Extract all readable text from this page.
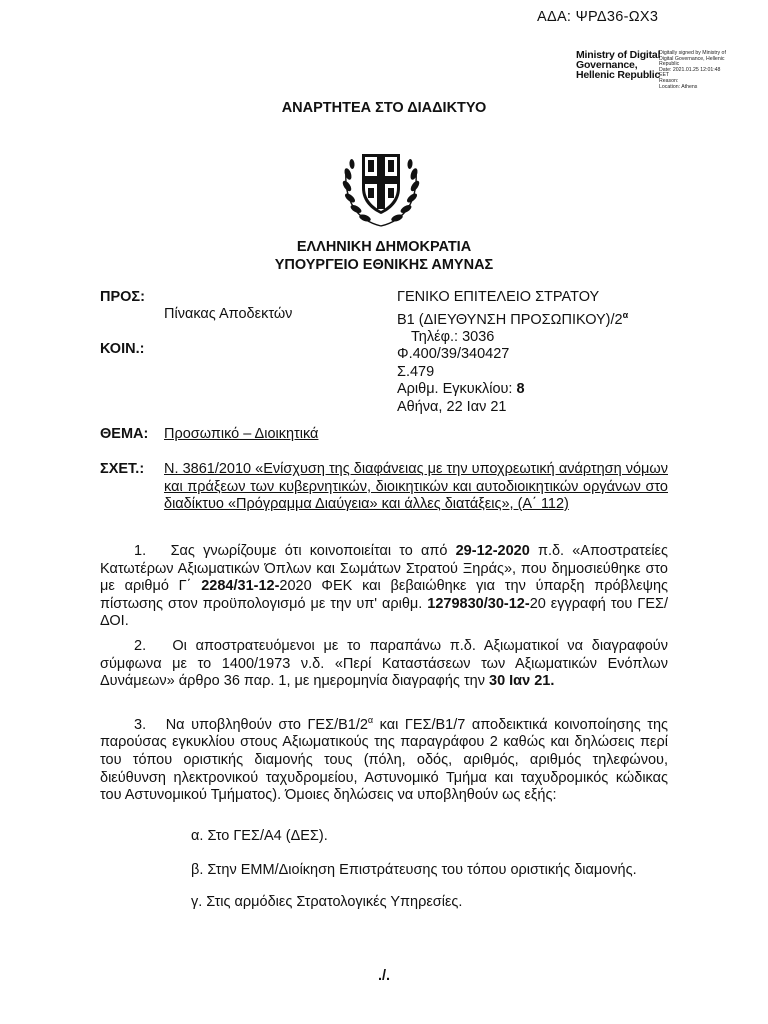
ΑΔΑ: ΨΡΔ36-ΩΧ3
Ministry of Digital
Governance,
Hellenic Republic
Digitally signed by Ministry of
Digital Governance, Hellenic
Republic
Date: 2021.01.25 12:01:48
EET
Reason:
Location: Athens
ΑΝΑΡΤΗΤΕΑ ΣΤΟ ΔΙΑΔΙΚΤΥΟ
ΕΛΛΗΝΙΚΗ ΔΗΜΟΚΡΑΤΙΑ
ΥΠΟΥΡΓΕΙΟ ΕΘΝΙΚΗΣ ΑΜΥΝΑΣ
ΠΡΟΣ:
Πίνακας Αποδεκτών
ΚΟΙΝ.:
ΓΕΝΙΚΟ ΕΠΙΤΕΛΕΙΟ ΣΤΡΑΤΟΥ
Β1 (ΔΙΕΥΘΥΝΣΗ $\Pi PO\Sigma\Omega\Pi IKO\Upsilon)/2^\alpha$
Τηλέφ.: 3036
Φ.400/39/340427
Σ.479
Αριθμ. Εγκυκλίου: 8
Αθήνα, 22 Ιαν 21
ΘΕΜΑ: Προσωπικό – Διοικητικά
ΣΧΕΤ.: Ν. 3861/2010 «Ενίσχυση της διαφάνειας με την υποχρεωτική ανάρτηση νόμων και πράξεων των κυβερνητικών, διοικητικών και αυτοδιοικητικών οργάνων στο διαδίκτυο «Πρόγραμμα Διαύγεια» και άλλες διατάξεις», (Α΄ 112)
1. Σας γνωρίζουμε ότι κοινοποιείται το από 29-12-2020 π.δ. «Αποστρατείες Κατωτέρων Αξιωματικών Όπλων και Σωμάτων Στρατού Ξηράς», που δημοσιεύθηκε στο με αριθμό Γ΄ 2284/31-12-2020 ΦΕΚ και βεβαιώθηκε για την ύπαρξη πρόβλεψης πίστωσης στον προϋπολογισμό με την υπ' αριθμ. 1279830/30-12-20 εγγραφή του ΓΕΣ/ΔΟΙ.
2. Οι αποστρατευόμενοι με το παραπάνω π.δ. Αξιωματικοί να διαγραφούν σύμφωνα με το 1400/1973 ν.δ. «Περί Καταστάσεων των Αξιωματικών Ενόπλων Δυνάμεων» άρθρο 36 παρ. 1, με ημερομηνία διαγραφής την 30 Ιαν 21.
3. Να υποβληθούν στο ΓΕΣ/$B1/2^\alpha$ και ΓΕΣ/Β1/7 αποδεικτικά κοινοποίησης της παρούσας εγκυκλίου στους Αξιωματικούς της παραγράφου 2 καθώς και δηλώσεις περί του τόπου οριστικής διαμονής τους (πόλη, οδός, αριθμός, αριθμός τηλεφώνου, διεύθυνση ηλεκτρονικού ταχυδρομείου, Αστυνομικό Τμήμα και ταχυδρομικός κώδικας του Αστυνομικού Τμήματος). Όμοιες δηλώσεις να υποβληθούν ως εξής:
α. Στο ΓΕΣ/Α4 (ΔΕΣ).
β. Στην ΕΜΜ/Διοίκηση Επιστράτευσης του τόπου οριστικής διαμονής.
γ. Στις αρμόδιες Στρατολογικές Υπηρεσίες.
./.
